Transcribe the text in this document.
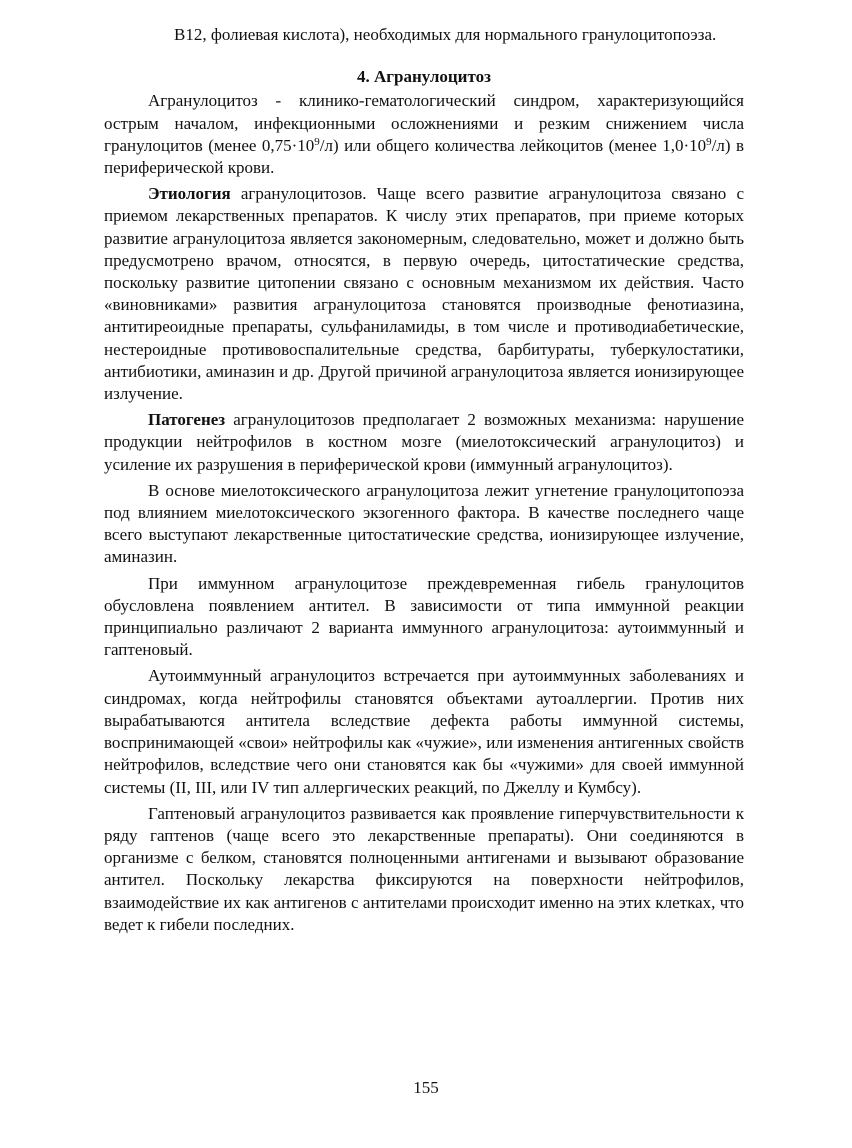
B12, фолиевая кислота), необходимых для нормального гранулоцитопоэза.

4. Агранулоцитоз

Агранулоцитоз - клинико-гематологический синдром, характеризующийся острым началом, инфекционными осложнениями и резким снижением числа гранулоцитов (менее $0,75\cdot 10^9/л$) или общего количества лейкоцитов (менее $1,0\cdot 10^9/л$) в периферической крови.

Этиология агранулоцитозов. Чаще всего развитие агранулоцитоза связано с приемом лекарственных препаратов. К числу этих препаратов, при приеме которых развитие агранулоцитоза является закономерным, следовательно, может и должно быть предусмотрено врачом, относятся, в первую очередь, цитостатические средства, поскольку развитие цитопении связано с основным механизмом их действия. Часто «виновниками» развития агранулоцитоза становятся производные фенотиазина, антитиреоидные препараты, сульфаниламиды, в том числе и противодиабетические, нестероидные противовоспалительные средства, барбитураты, туберкулостатики, антибиотики, аминазин и др. Другой причиной агранулоцитоза является ионизирующее излучение.

Патогенез агранулоцитозов предполагает 2 возможных механизма: нарушение продукции нейтрофилов в костном мозге (миелотоксический агранулоцитоз) и усиление их разрушения в периферической крови (иммунный агранулоцитоз).

В основе миелотоксического агранулоцитоза лежит угнетение гранулоцитопоэза под влиянием миелотоксического экзогенного фактора. В качестве последнего чаще всего выступают лекарственные цитостатические средства, ионизирующее излучение, аминазин.

При иммунном агранулоцитозе преждевременная гибель гранулоцитов обусловлена появлением антител. В зависимости от типа иммунной реакции принципиально различают 2 варианта иммунного агранулоцитоза: аутоиммунный и гаптеновый.

Аутоиммунный агранулоцитоз встречается при аутоиммунных заболеваниях и синдромах, когда нейтрофилы становятся объектами аутоаллергии. Против них вырабатываются антитела вследствие дефекта работы иммунной системы, воспринимающей «свои» нейтрофилы как «чужие», или изменения антигенных свойств нейтрофилов, вследствие чего они становятся как бы «чужими» для своей иммунной системы (II, III, или IV тип аллергических реакций, по Джеллу и Кумбсу).

Гаптеновый агранулоцитоз развивается как проявление гиперчувствительности к ряду гаптенов (чаще всего это лекарственные препараты). Они соединяются в организме с белком, становятся полноценными антигенами и вызывают образование антител. Поскольку лекарства фиксируются на поверхности нейтрофилов, взаимодействие их как антигенов с антителами происходит именно на этих клетках, что ведет к гибели последних.

155
